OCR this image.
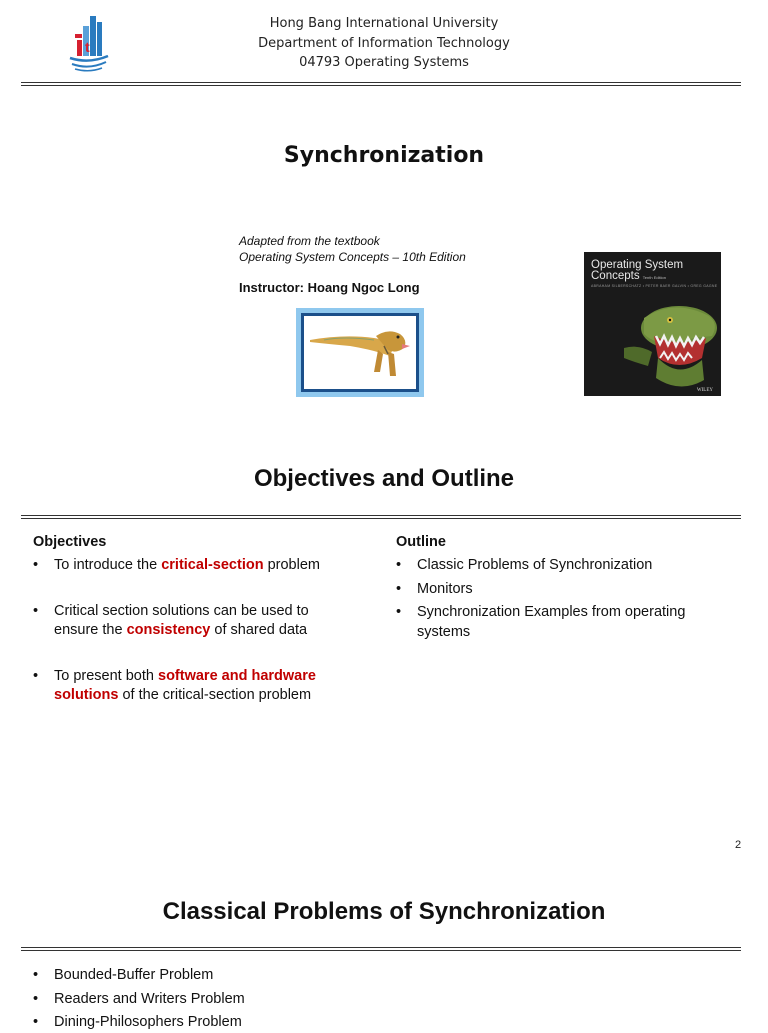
t
Hong Bang International University
Department of Information Technology
04793 Operating Systems
Synchronization
Adapted from the textbook
Operating System Concepts – 10th Edition
Instructor: Hoang Ngoc Long
Operating System
Concepts Tenth Edition
ABRAHAM SILBERSCHATZ • PETER BAER GALVIN • GREG GAGNE
WILEY
Objectives and Outline
Objectives
• To introduce the critical-section problem
• Critical section solutions can be used to
ensure the consistency of shared data
• To present both software and hardware
solutions of the critical-section problem
Outline
• Classic Problems of Synchronization
• Monitors
• Synchronization Examples from operating
systems
2
Classical Problems of Synchronization
• Bounded-Buffer Problem
• Readers and Writers Problem
• Dining-Philosophers Problem
